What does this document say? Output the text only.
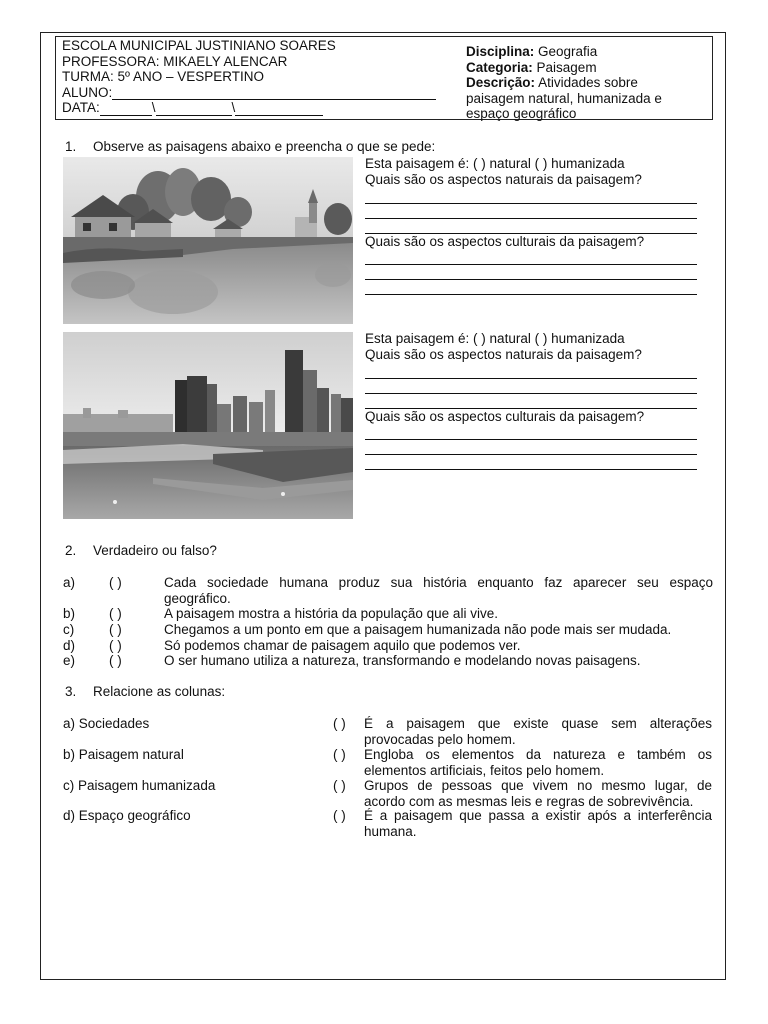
ESCOLA MUNICIPAL JUSTINIANO SOARES
PROFESSORA: MIKAELY ALENCAR
TURMA: 5º ANO – VESPERTINO
ALUNO:
DATA:	\	\
Disciplina: Geografia
Categoria: Paisagem
Descrição: Atividades sobre
paisagem natural, humanizada e
espaço geográfico
1. Observe as paisagens abaixo e preencha o que se pede:
Esta paisagem é: ( ) natural ( ) humanizada
Quais são os aspectos naturais da paisagem?
Quais são os aspectos culturais da paisagem?
Esta paisagem é: ( ) natural ( ) humanizada
Quais são os aspectos naturais da paisagem?
Quais são os aspectos culturais da paisagem?
2. Verdadeiro ou falso?
a)	( )	Cada sociedade humana produz sua história enquanto faz aparecer seu espaço geográfico.
b)	( )	A paisagem mostra a história da população que ali vive.
c)	( )	Chegamos a um ponto em que a paisagem humanizada não pode mais ser mudada.
d)	( )	Só podemos chamar de paisagem aquilo que podemos ver.
e)	( )	O ser humano utiliza a natureza, transformando e modelando novas paisagens.
3. Relacione as colunas:
a) Sociedades	( ) É a paisagem que existe quase sem alterações provocadas pelo homem.
b) Paisagem natural	( ) Engloba os elementos da natureza e também os elementos artificiais, feitos pelo homem.
c) Paisagem humanizada	( ) Grupos de pessoas que vivem no mesmo lugar, de acordo com as mesmas leis e regras de sobrevivência.
d) Espaço geográfico	( ) É a paisagem que passa a existir após a interferência humana.
